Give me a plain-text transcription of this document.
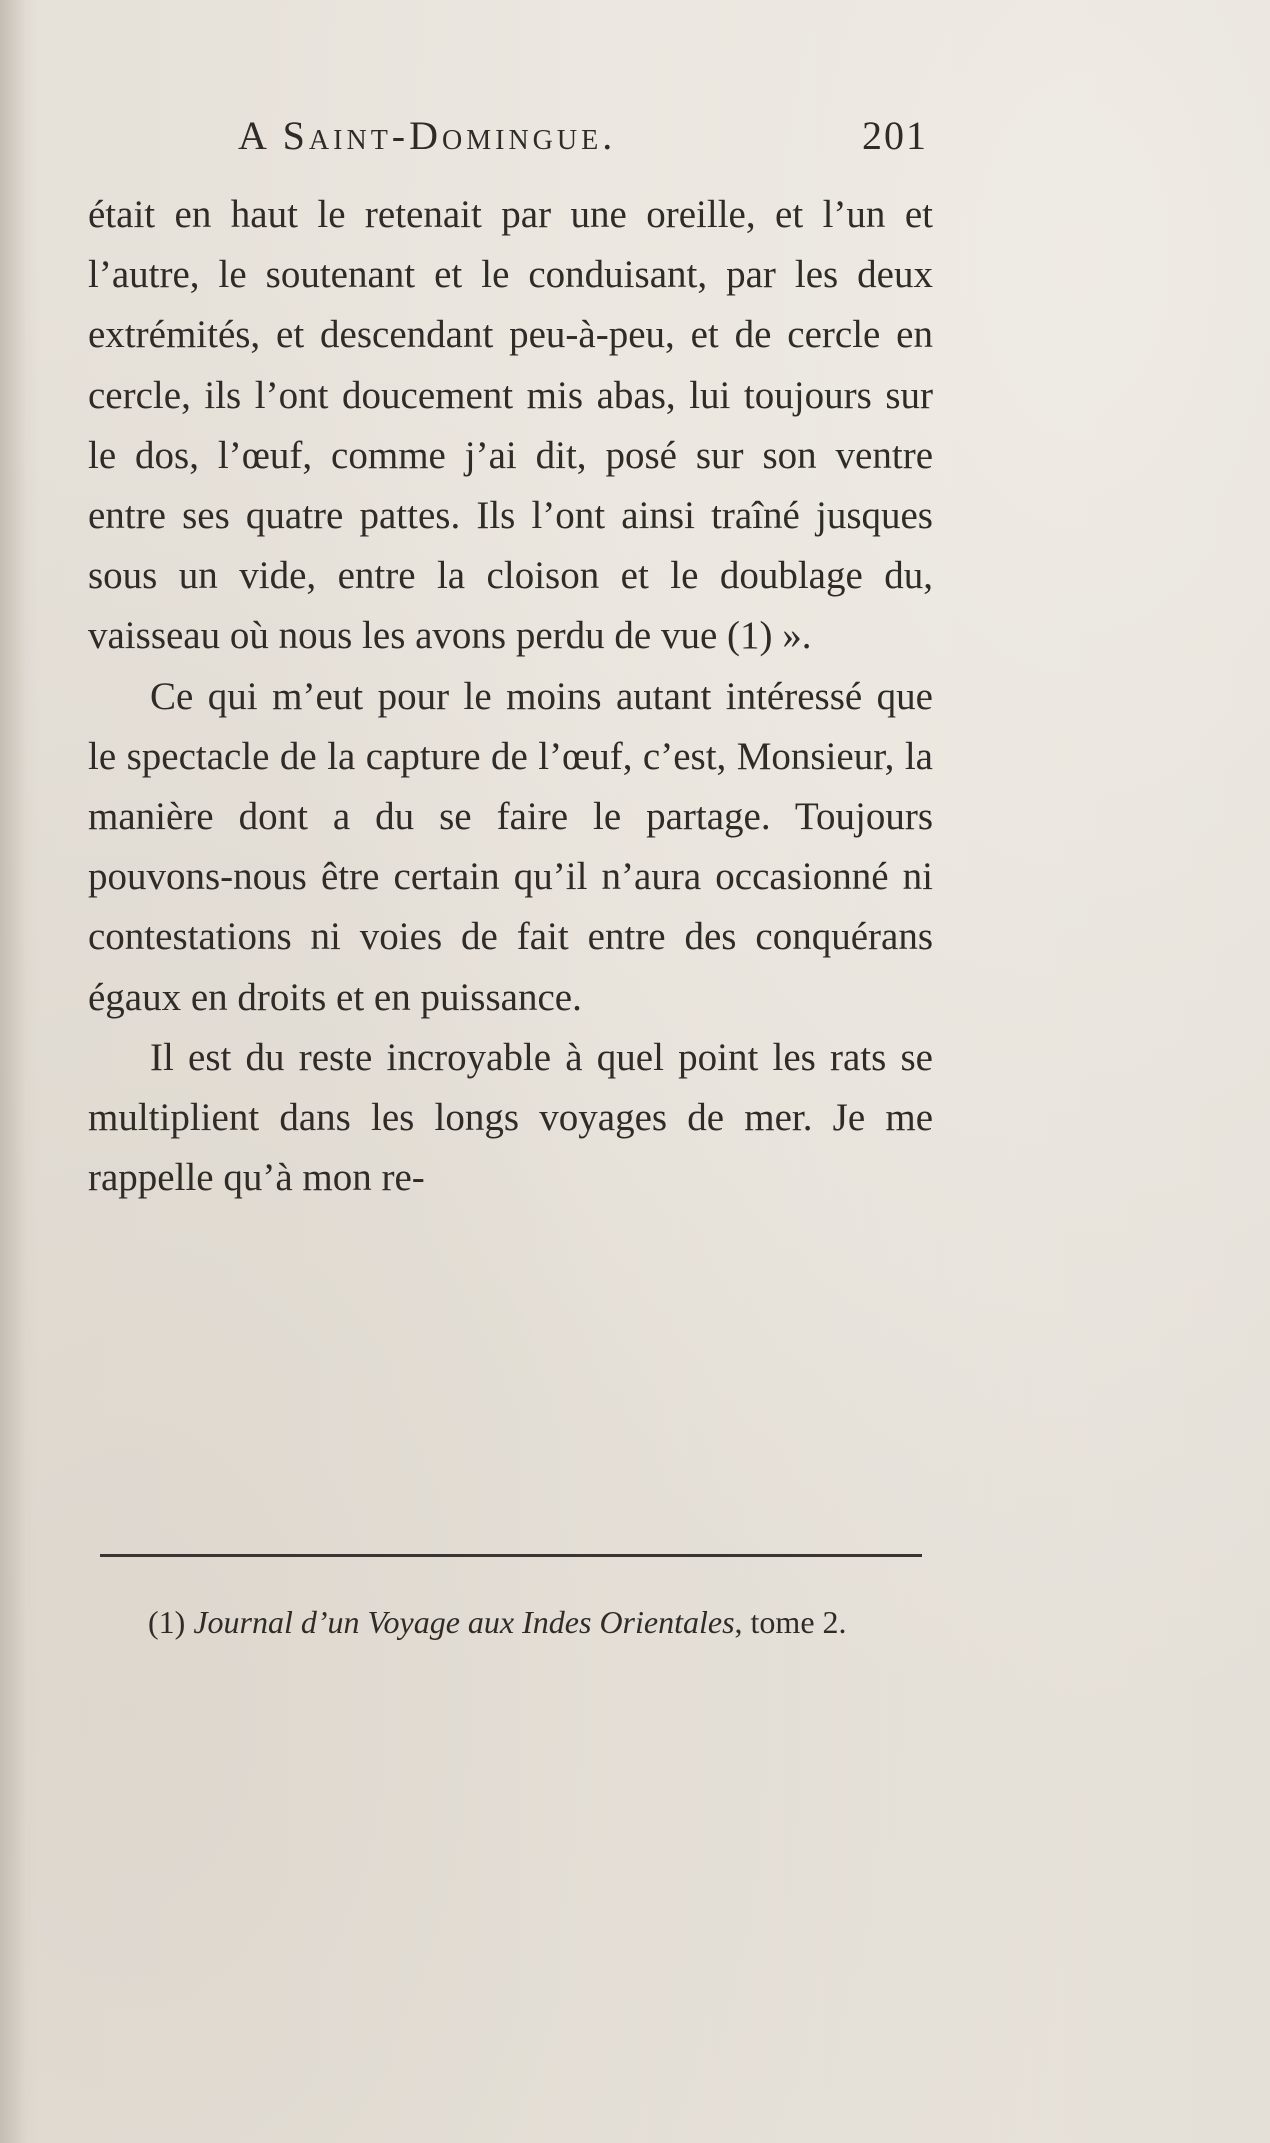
A Saint-Domingue.	201

était en haut le retenait par une oreille, et l’un et l’autre, le soutenant et le conduisant, par les deux extrémités, et descendant peu-à-peu, et de cercle en cercle, ils l’ont doucement mis abas, lui toujours sur le dos, l’œuf, comme j’ai dit, posé sur son ventre entre ses quatre pattes. Ils l’ont ainsi traîné jusques sous un vide, entre la cloison et le doublage du, vaisseau où nous les avons perdu de vue (1) ».

Ce qui m’eut pour le moins autant intéressé que le spectacle de la capture de l’œuf, c’est, Monsieur, la manière dont a du se faire le partage. Toujours pouvons-nous être certain qu’il n’aura occasionné ni contestations ni voies de fait entre des conquérans égaux en droits et en puissance.

Il est du reste incroyable à quel point les rats se multiplient dans les longs voyages de mer. Je me rappelle qu’à mon re-

(1) Journal d’un Voyage aux Indes Orientales, tome 2.
